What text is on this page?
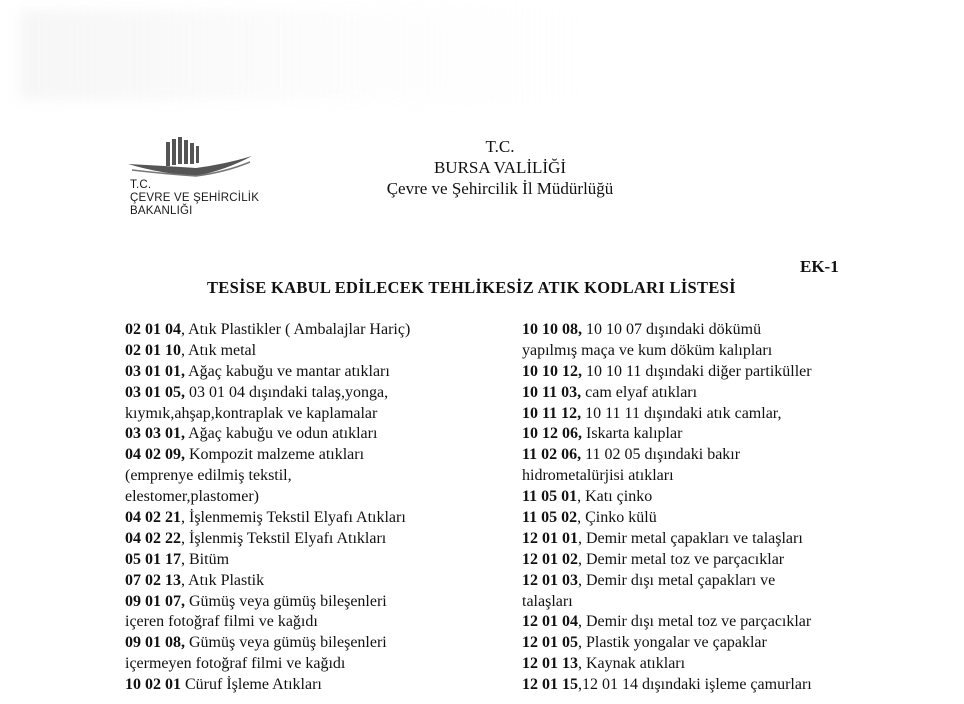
T.C.
ÇEVRE VE ŞEHİRCİLİK
BAKANLIĞI
T.C.
BURSA VALİLİĞİ
Çevre ve Şehircilik İl Müdürlüğü
EK-1
TESİSE KABUL EDİLECEK TEHLİKESİZ ATIK KODLARI LİSTESİ
02 01 04, Atık Plastikler ( Ambalajlar Hariç)
02 01 10, Atık metal
03 01 01, Ağaç kabuğu ve mantar atıkları
03 01 05, 03 01 04 dışındaki talaş,yonga,
kıymık,ahşap,kontraplak ve kaplamalar
03 03 01, Ağaç kabuğu ve odun atıkları
04 02 09, Kompozit malzeme atıkları
(emprenye edilmiş tekstil,
elestomer,plastomer)
04 02 21, İşlenmemiş Tekstil Elyafı Atıkları
04 02 22, İşlenmiş Tekstil Elyafı Atıkları
05 01 17, Bitüm
07 02 13, Atık Plastik
09 01 07, Gümüş veya gümüş bileşenleri
içeren fotoğraf filmi ve kağıdı
09 01 08, Gümüş veya gümüş bileşenleri
içermeyen fotoğraf filmi ve kağıdı
10 02 01 Cüruf İşleme Atıkları
10 10 08, 10 10 07 dışındaki dökümü
yapılmış maça ve kum döküm kalıpları
10 10 12, 10 10 11 dışındaki diğer partiküller
10 11 03, cam elyaf atıkları
10 11 12, 10 11 11 dışındaki atık camlar,
10 12 06, Iskarta kalıplar
11 02 06, 11 02 05 dışındaki bakır
hidrometalürjisi atıkları
11 05 01, Katı çinko
11 05 02, Çinko külü
12 01 01, Demir metal çapakları ve talaşları
12 01 02, Demir metal toz ve parçacıklar
12 01 03, Demir dışı metal çapakları ve
talaşları
12 01 04, Demir dışı metal toz ve parçacıklar
12 01 05, Plastik yongalar ve çapaklar
12 01 13, Kaynak atıkları
12 01 15,12 01 14 dışındaki işleme çamurları
